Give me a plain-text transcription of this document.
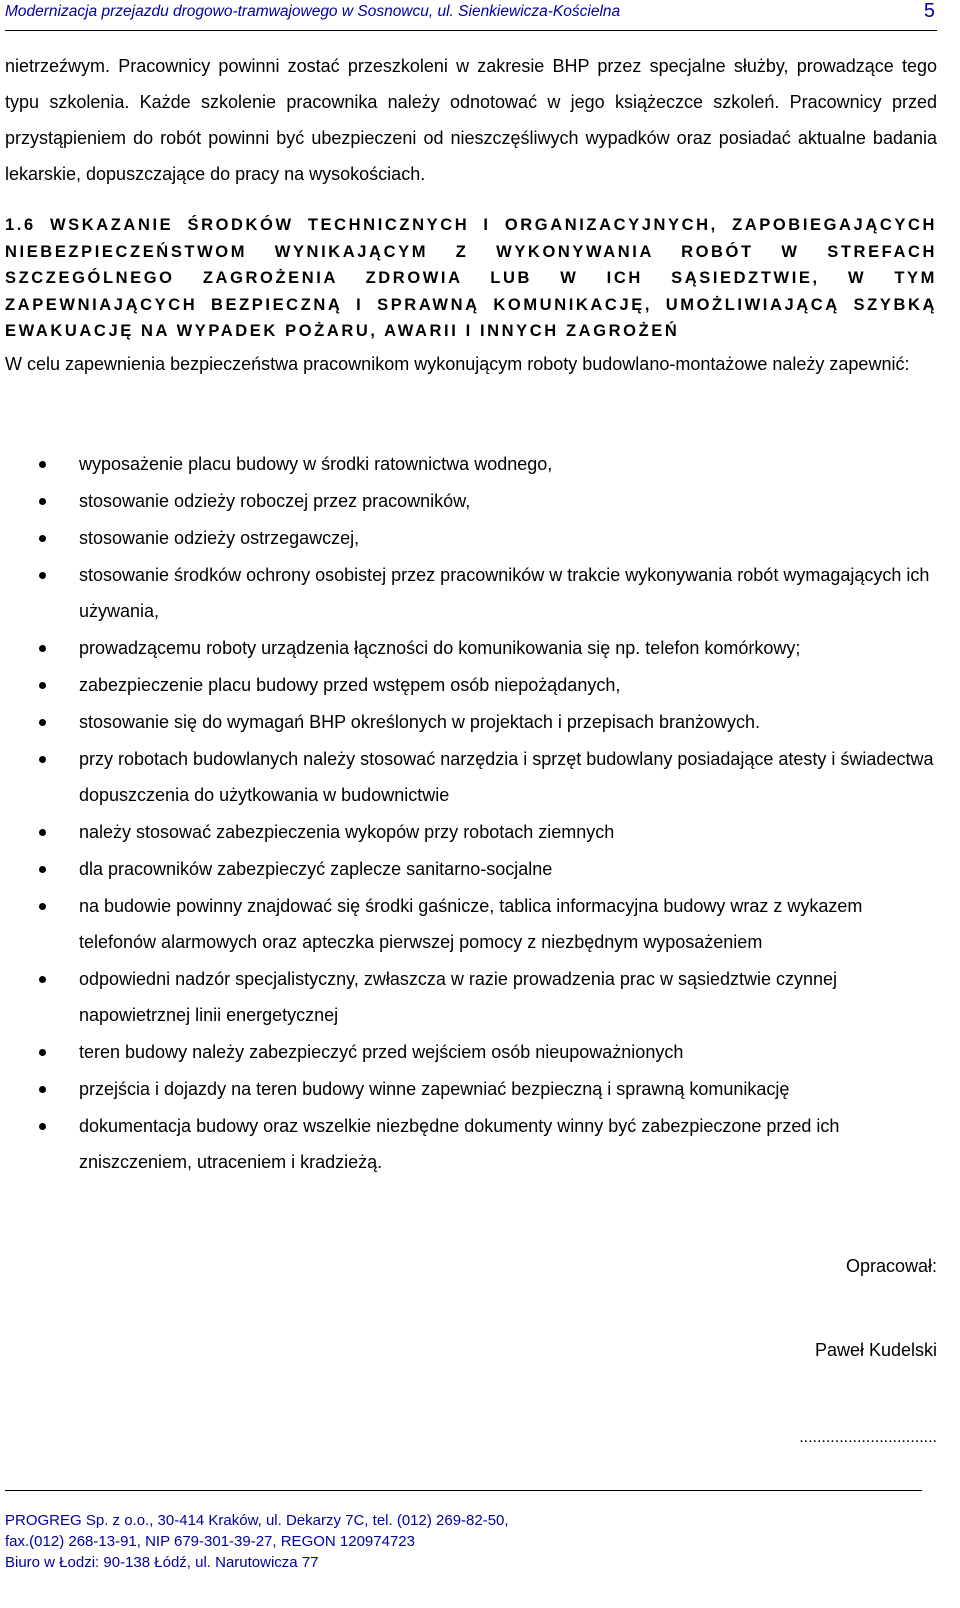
Modernizacja przejazdu drogowo-tramwajowego w Sosnowcu, ul. Sienkiewicza-Kościelna	5

nietrzeźwym. Pracownicy powinni zostać przeszkoleni w zakresie BHP przez specjalne służby, prowadzące tego typu szkolenia. Każde szkolenie pracownika należy odnotować w jego książeczce szkoleń. Pracownicy przed przystąpieniem do robót powinni być ubezpieczeni od nieszczęśliwych wypadków oraz posiadać aktualne badania lekarskie, dopuszczające do pracy na wysokościach.

1.6 WSKAZANIE ŚRODKÓW TECHNICZNYCH I ORGANIZACYJNYCH, ZAPOBIEGAJĄCYCH NIEBEZPIECZEŃSTWOM WYNIKAJĄCYM Z WYKONYWANIA ROBÓT W STREFACH SZCZEGÓLNEGO ZAGROŻENIA ZDROWIA LUB W ICH SĄSIEDZTWIE, W TYM ZAPEWNIAJĄCYCH BEZPIECZNĄ I SPRAWNĄ KOMUNIKACJĘ, UMOŻLIWIAJĄCĄ SZYBKĄ EWAKUACJĘ NA WYPADEK POŻARU, AWARII I INNYCH ZAGROŻEŃ

W celu zapewnienia bezpieczeństwa pracownikom wykonującym roboty budowlano-montażowe należy zapewnić:

wyposażenie placu budowy w środki ratownictwa wodnego,
stosowanie odzieży roboczej przez pracowników,
stosowanie odzieży ostrzegawczej,
stosowanie środków ochrony osobistej przez pracowników w trakcie wykonywania robót wymagających ich używania,
prowadzącemu roboty urządzenia łączności do komunikowania się np. telefon komórkowy;
zabezpieczenie placu budowy przed wstępem osób niepożądanych,
stosowanie się do wymagań BHP określonych w projektach i przepisach branżowych.
przy robotach budowlanych należy stosować narzędzia i sprzęt budowlany posiadające atesty i świadectwa dopuszczenia do użytkowania w budownictwie
należy stosować zabezpieczenia wykopów przy robotach ziemnych
dla pracowników zabezpieczyć zaplecze sanitarno-socjalne
na budowie powinny znajdować się środki gaśnicze, tablica informacyjna budowy wraz z wykazem telefonów alarmowych oraz apteczka pierwszej pomocy z niezbędnym wyposażeniem
odpowiedni nadzór specjalistyczny, zwłaszcza w razie prowadzenia prac w sąsiedztwie czynnej napowietrznej linii energetycznej
teren budowy należy zabezpieczyć przed wejściem osób nieupoważnionych
przejścia i dojazdy na teren budowy winne zapewniać bezpieczną i sprawną komunikację
dokumentacja budowy oraz wszelkie niezbędne dokumenty winny być zabezpieczone przed ich zniszczeniem, utraceniem i kradzieżą.
Opracował:
Paweł Kudelski
...............................
PROGREG Sp. z o.o., 30-414 Kraków, ul. Dekarzy 7C, tel. (012) 269-82-50,
fax.(012) 268-13-91, NIP 679-301-39-27, REGON 120974723
Biuro w Łodzi: 90-138 Łódź, ul. Narutowicza 77
